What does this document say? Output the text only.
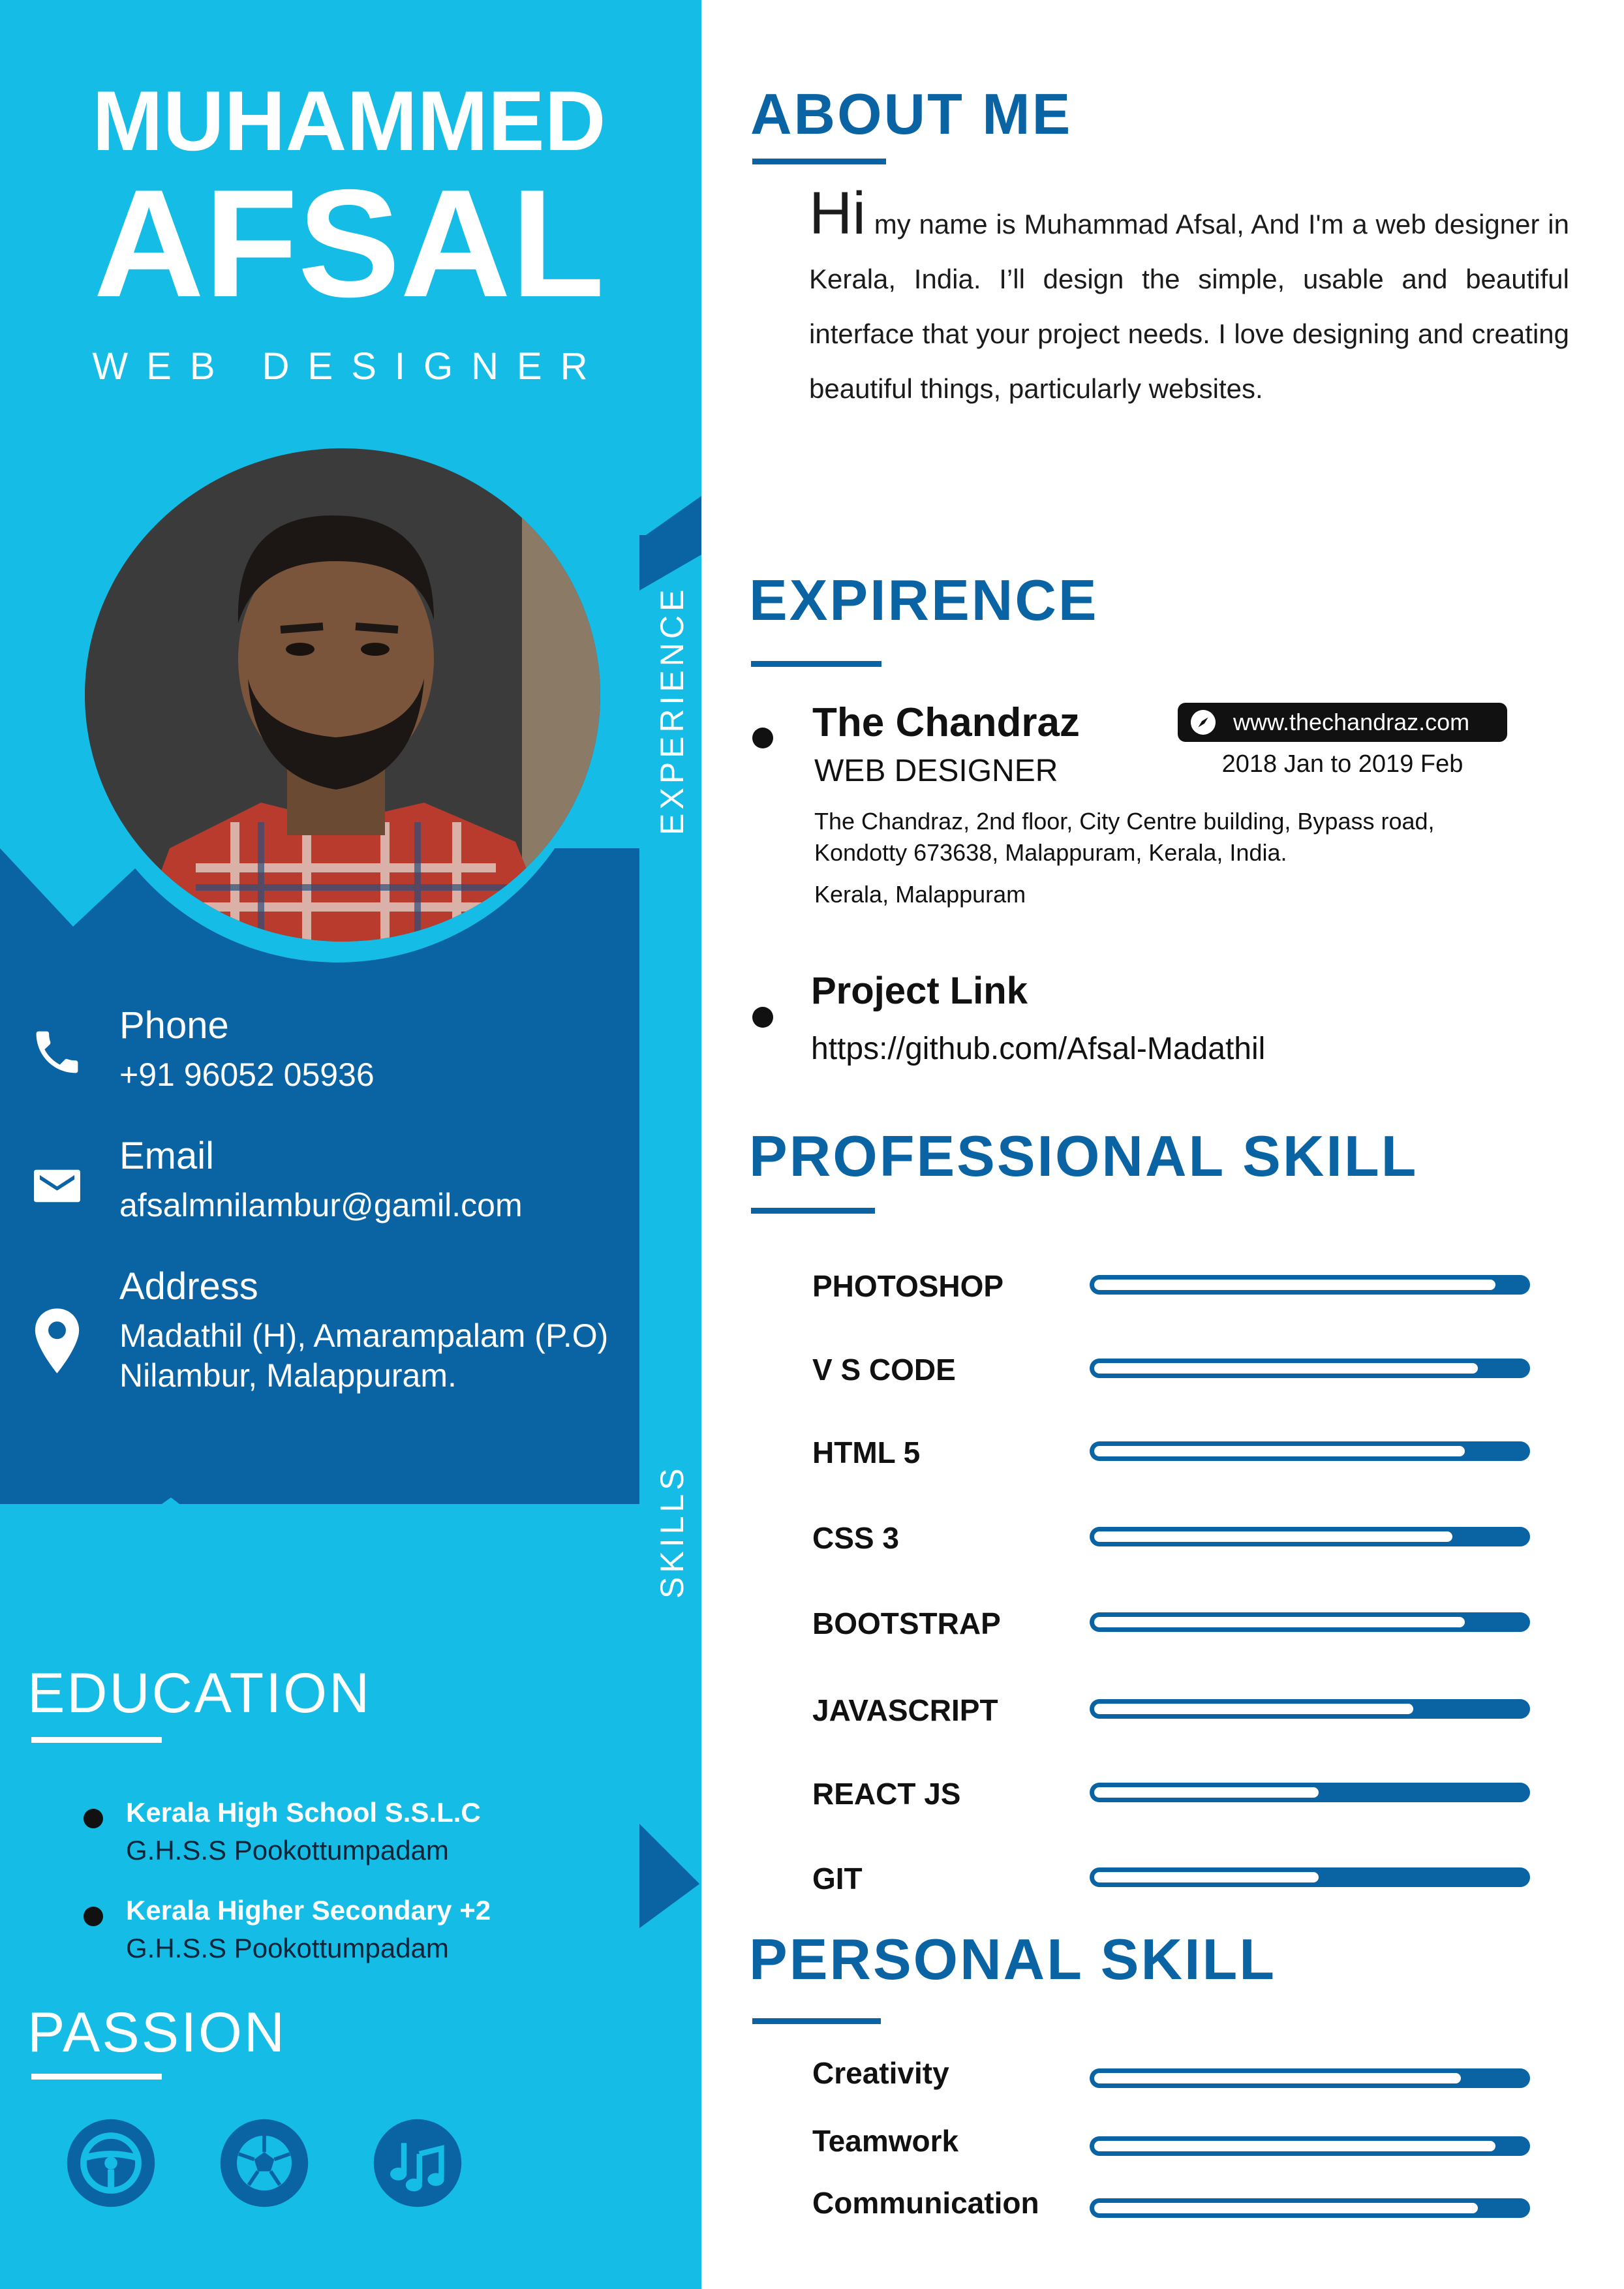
MUHAMMED
AFSAL
WEB DESIGNER
Phone
+91 96052 05936
Email
afsalmnilambur@gamil.com
Address
Madathil (H), Amarampalam (P.O)
Nilambur, Malappuram.
EXPERIENCE
SKILLS
EDUCATION
Kerala High School S.S.L.C
G.H.S.S Pookottumpadam
Kerala Higher Secondary +2
G.H.S.S Pookottumpadam
PASSION
ABOUT ME
Hi my name is Muhammad Afsal, And I'm a web designer in Kerala, India. I’ll design the simple, usable and beautiful interface that your project needs. I love designing and creating beautiful things, particularly websites.
EXPIRENCE
The Chandraz
WEB DESIGNER
www.thechandraz.com
2018 Jan to 2019 Feb
The Chandraz, 2nd floor, City Centre building, Bypass road,
Kondotty 673638, Malappuram, Kerala, India.
Kerala, Malappuram
Project Link
https://github.com/Afsal-Madathil
PROFESSIONAL SKILL
PHOTOSHOP
V S CODE
HTML 5
CSS 3
BOOTSTRAP
JAVASCRIPT
REACT JS
GIT
PERSONAL SKILL
Creativity
Teamwork
Communication
